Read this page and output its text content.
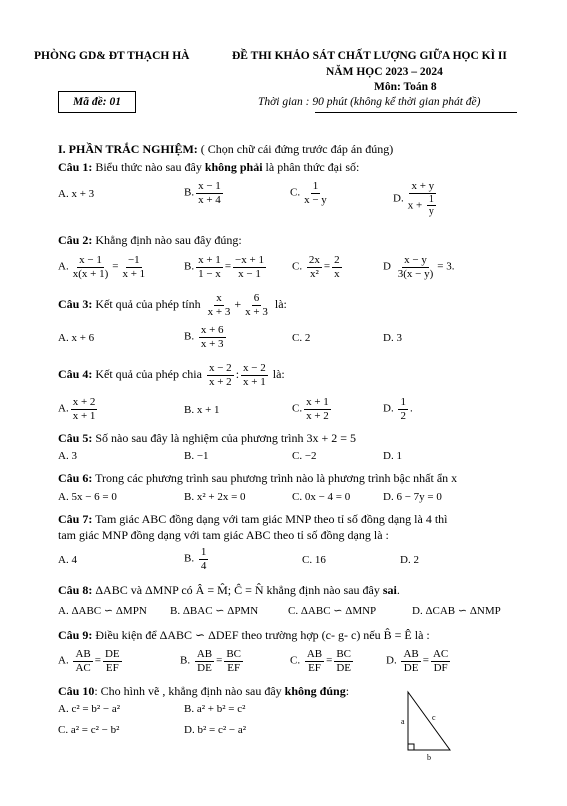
PHÒNG GD& ĐT THẠCH HÀ	ĐỀ THI KHẢO SÁT CHẤT LƯỢNG GIỮA HỌC KÌ II
NĂM HỌC 2023 – 2024
Môn: Toán 8
Mã đề: 01	Thời gian : 90 phút (không kể thời gian phát đề)
I. PHẦN TRẮC NGHIỆM: ( Chọn chữ cái đứng trước đáp án đúng)
Câu 1: Biểu thức nào sau đây không phải là phân thức đại số:
A. x + 3	B. $\frac{x - 1}{x + 4}$	C. $\frac{1}{x - y}$	D. $\frac{x + y}{x + \frac{1}{y}}$
Câu 2: Khẳng định nào sau đây đúng:
A. $\frac{x - 1}{x(x + 1)} = \frac{-1}{x + 1}$	B. $\frac{x + 1}{1 - x} = \frac{-x + 1}{x - 1} C$. $\frac{2x}{\text{x²}} = \frac{2}{x}$	D $\frac{x - y}{3(x - y)} = 3$.
Câu 3: Kết quả của phép tính $\frac{x}{x + 3} + \frac{6}{x + 3}$ là:
A. x + 6	B. $\frac{x + 6}{x + 3}$	C. 2	D. 3
Câu 4: Kết quả của phép chia $\frac{x - 2}{x + 2}$ : $\frac{x - 2}{x + 1}$ là:
A. $\frac{x + 2}{x + 1}$	B. x + 1	C. $\frac{x + 1}{x + 2}$	D. $\frac{1}{2}$ .
Câu 5: Số nào sau đây là nghiệm của phương trình 3x + 2 = 5
A. 3	B. −1	C. −2	D. 1
Câu 6: Trong các phương trình sau phương trình nào là phương trình bậc nhất ẩn x
A. 5x − 6 = 0	B. x² + 2x = 0	C. 0x − 4 = 0	D. 6 − 7y = 0
Câu 7: Tam giác ABC đồng dạng với tam giác MNP theo tỉ số đồng dạng là 4 thì
tam giác MNP đồng dạng với tam giác ABC theo tỉ số đồng dạng là :
A. 4	B. $\frac{1}{4}$	C. 16	D. 2
Câu 8: ΔABC và ΔMNP có Â = M̂; Ĉ = N̂ khẳng định nào sau đây sai.
A. ΔABC ∽ ΔMPN B. ΔBAC ∽ ΔPMN	C. ΔABC ∽ ΔMNP	D. ΔCAB ∽ ΔNMP
Câu 9: Điều kiện để ΔABC ∽ ΔDEF theo trường hợp (c- g- c) nếu B̂ = Ê là :
A. $\frac{AB}{AC} = \frac{DE}{EF}$	B. $\frac{AB}{DE} = \frac{BC}{EF}$	C. $\frac{AB}{EF} = \frac{BC}{DE}$	D. $\frac{AB}{DE} = \frac{AC}{DF}$
Câu 10: Cho hình vẽ , khẳng định nào sau đây không đúng:
A. c² = b² − a²	B. a² + b² = c²
C. a² = c² − b²	D. b² = c² − a²
a	c
b
